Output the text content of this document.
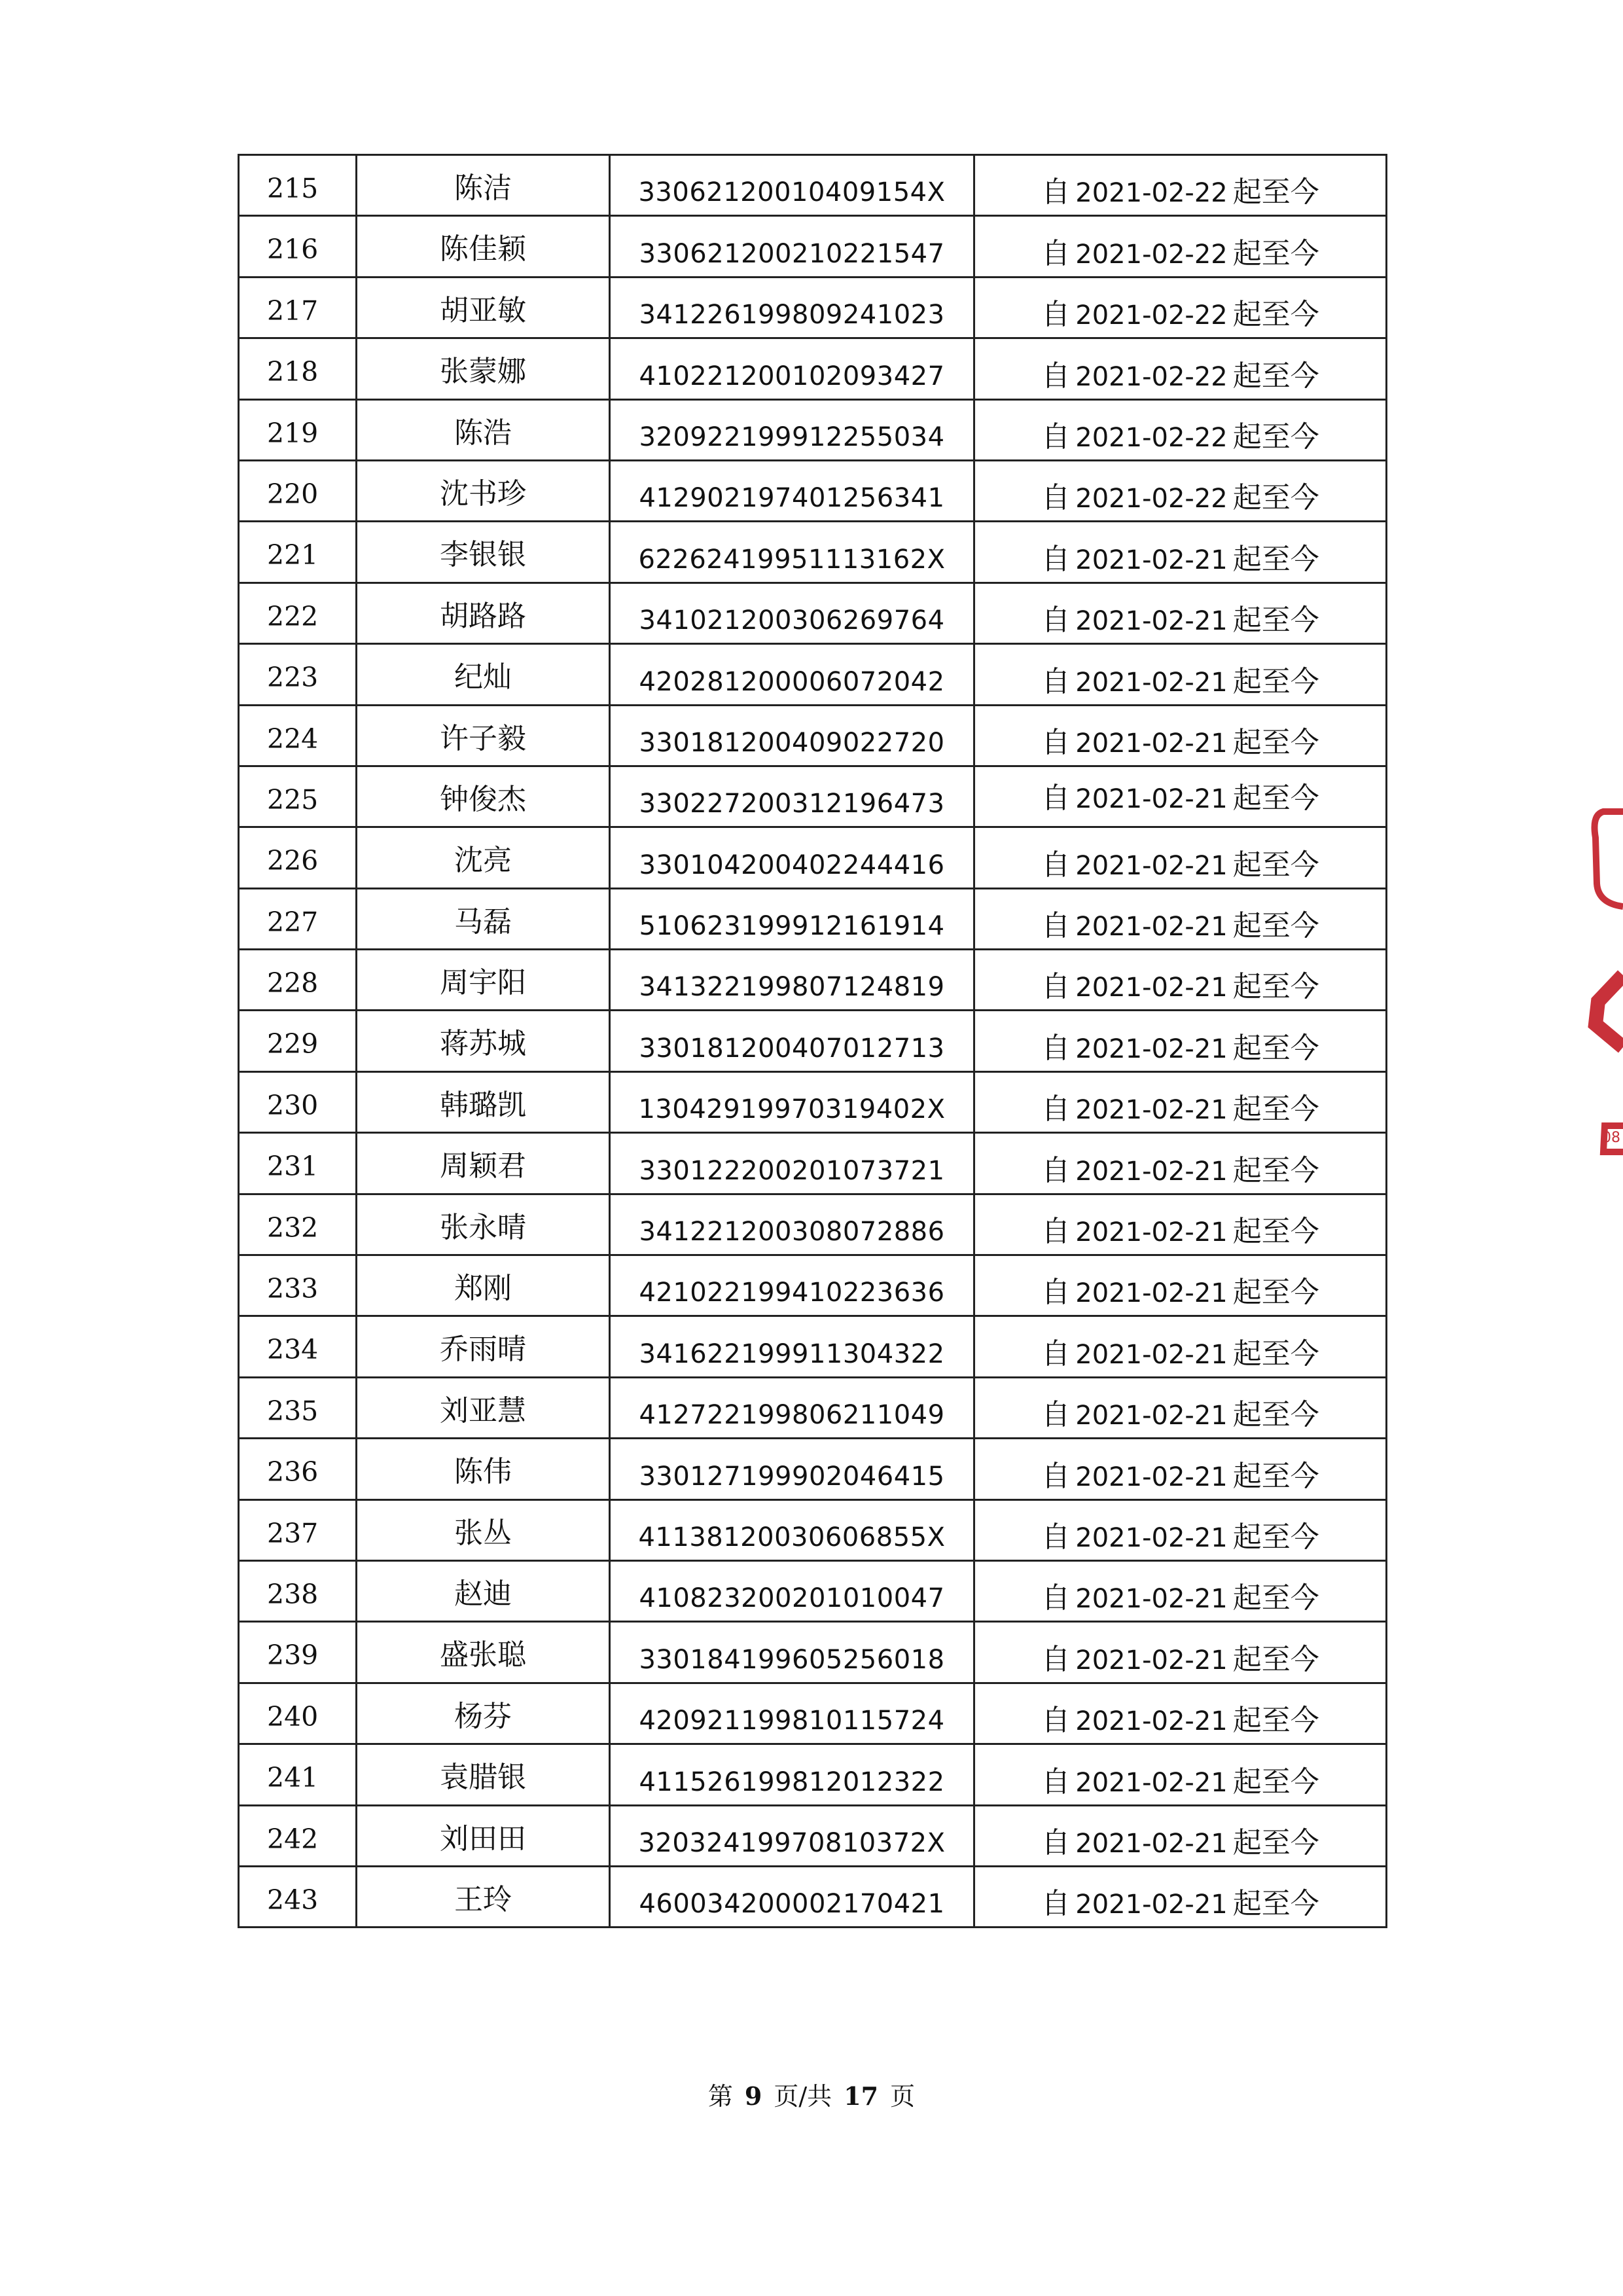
215	陈洁	33062120010409154X	自 2021-02-22 起至今
216	陈佳颖	330621200210221547	自 2021-02-22 起至今
217	胡亚敏	341226199809241023	自 2021-02-22 起至今
218	张蒙娜	410221200102093427	自 2021-02-22 起至今
219	陈浩	320922199912255034	自 2021-02-22 起至今
220	沈书珍	412902197401256341	自 2021-02-22 起至今
221	李银银	62262419951113162X	自 2021-02-21 起至今
222	胡路路	341021200306269764	自 2021-02-21 起至今
223	纪灿	420281200006072042	自 2021-02-21 起至今
224	许子毅	330181200409022720	自 2021-02-21 起至今
225	钟俊杰	330227200312196473	自 2021-02-21 起至今
226	沈亮	330104200402244416	自 2021-02-21 起至今
227	马磊	510623199912161914	自 2021-02-21 起至今
228	周宇阳	341322199807124819	自 2021-02-21 起至今
229	蒋苏城	330181200407012713	自 2021-02-21 起至今
230	韩璐凯	13042919970319402X	自 2021-02-21 起至今
231	周颖君	330122200201073721	自 2021-02-21 起至今
232	张永晴	341221200308072886	自 2021-02-21 起至今
233	郑刚	421022199410223636	自 2021-02-21 起至今
234	乔雨晴	341622199911304322	自 2021-02-21 起至今
235	刘亚慧	412722199806211049	自 2021-02-21 起至今
236	陈伟	330127199902046415	自 2021-02-21 起至今
237	张丛	41138120030606855X	自 2021-02-21 起至今
238	赵迪	410823200201010047	自 2021-02-21 起至今
239	盛张聪	330184199605256018	自 2021-02-21 起至今
240	杨芬	420921199810115724	自 2021-02-21 起至今
241	袁腊银	411526199812012322	自 2021-02-21 起至今
242	刘田田	32032419970810372X	自 2021-02-21 起至今
243	王玲	460034200002170421	自 2021-02-21 起至今
第 9 页/共 17 页
08
